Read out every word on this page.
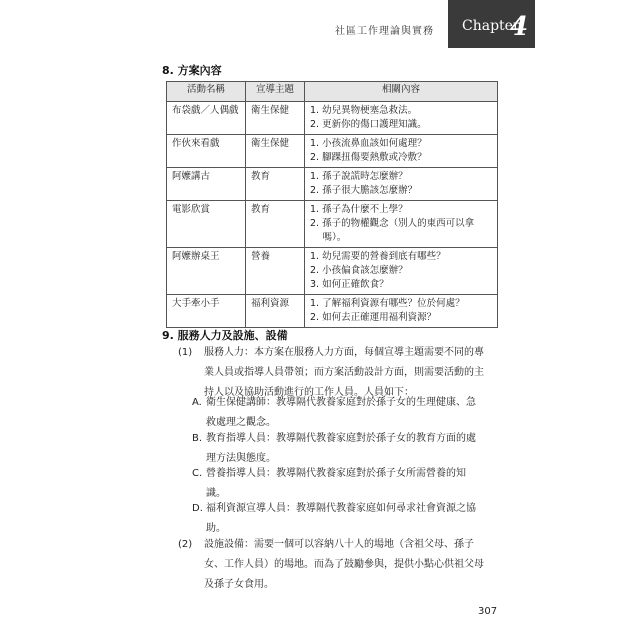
社區工作理論與實務 Chapter
4
8. 方案內容
活動名稱	宣導主題	相關內容
布袋戲／人偶戲	衛生保健	1. 幼兒異物梗塞急救法。
2. 更新你的傷口護理知識。

作伙來看戲	衛生保健	1. 小孩流鼻血該如何處理？
2. 腳踝扭傷要熱敷或冷敷？

阿嬤講古	教育	1. 孫子說謊時怎麼辦？
2. 孫子很大膽該怎麼辦？

電影欣賞	教育	1. 孫子為什麼不上學？
2. 孫子的物權觀念（別人的東西可以拿
　 嗎）。

阿嬤辦桌王	營養	1. 幼兒需要的營養到底有哪些？
2. 小孩偏食該怎麼辦？
3. 如何正確飲食？

大手牽小手	福利資源	1. 了解福利資源有哪些？位於何處？
2. 如何去正確運用福利資源？
9. 服務人力及設施、設備
(1) 服務人力：本方案在服務人力方面，每個宣導主題需要不同的專
業人員或指導人員帶領；而方案活動設計方面，則需要活動的主
持人以及協助活動進行的工作人員。人員如下：
A. 衛生保健講師：教導隔代教養家庭對於孫子女的生理健康、急
救處理之觀念。
B. 教育指導人員：教導隔代教養家庭對於孫子女的教育方面的處
理方法與態度。
C. 營養指導人員：教導隔代教養家庭對於孫子女所需營養的知
識。
D. 福利資源宣導人員：教導隔代教養家庭如何尋求社會資源之協
助。
(2) 設施設備：需要一個可以容納八十人的場地（含祖父母、孫子
女、工作人員）的場地。而為了鼓勵參與，提供小點心供祖父母
及孫子女食用。
307
